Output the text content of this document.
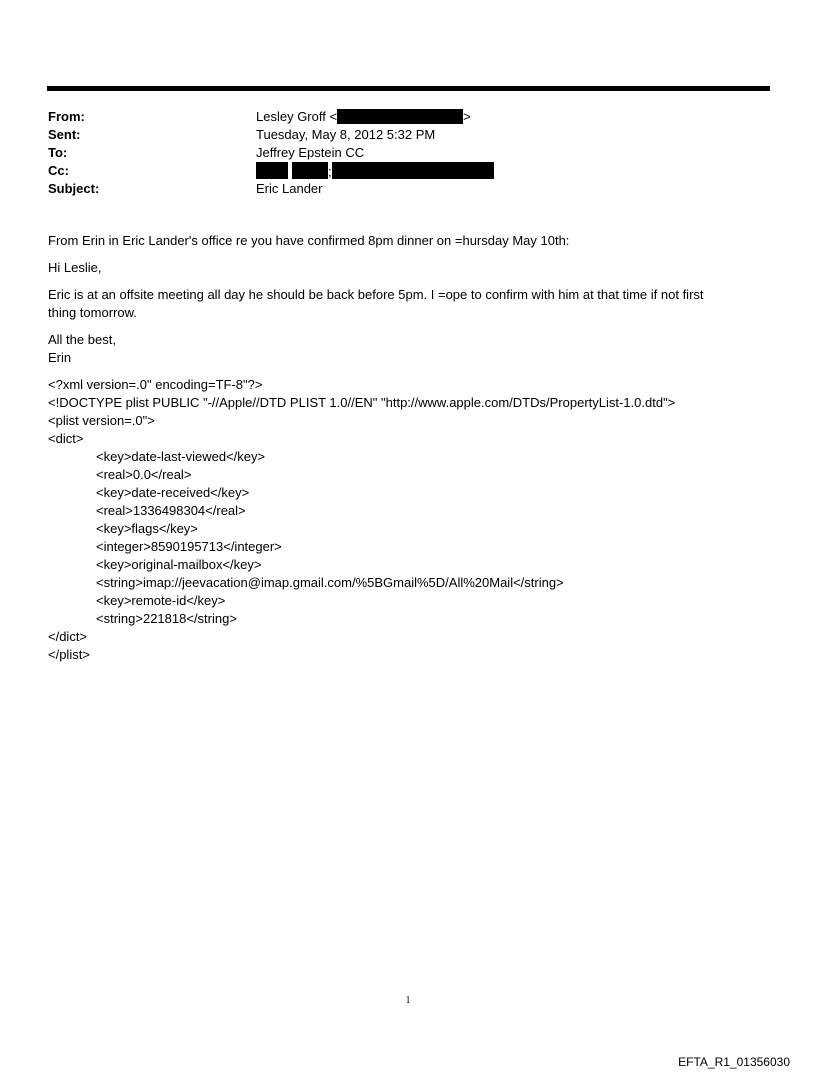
From:	Lesley Groff <	>
Sent:	Tuesday, May 8, 2012 5:32 PM
To:	Jeffrey Epstein CC
Cc:	;
Subject:	Eric Lander

From Erin in Eric Lander's office re you have confirmed 8pm dinner on =hursday May 10th:

Hi Leslie,

Eric is at an offsite meeting all day he should be back before 5pm. I =ope to confirm with him at that time if not first
thing tomorrow.

All the best,
Erin

<?xml version=.0" encoding=TF-8"?>
<!DOCTYPE plist PUBLIC "-//Apple//DTD PLIST 1.0//EN" "http://www.apple.com/DTDs/PropertyList-1.0.dtd">
<plist version=.0">
<dict>
<key>date-last-viewed</key>
<real>0.0</real>
<key>date-received</key>
<real>1336498304</real>
<key>flags</key>
<integer>8590195713</integer>
<key>original-mailbox</key>
<string>imap://jeevacation@imap.gmail.com/%5BGmail%5D/All%20Mail</string>
<key>remote-id</key>
<string>221818</string>
</dict>
</plist>
1
EFTA_R1_01356030
